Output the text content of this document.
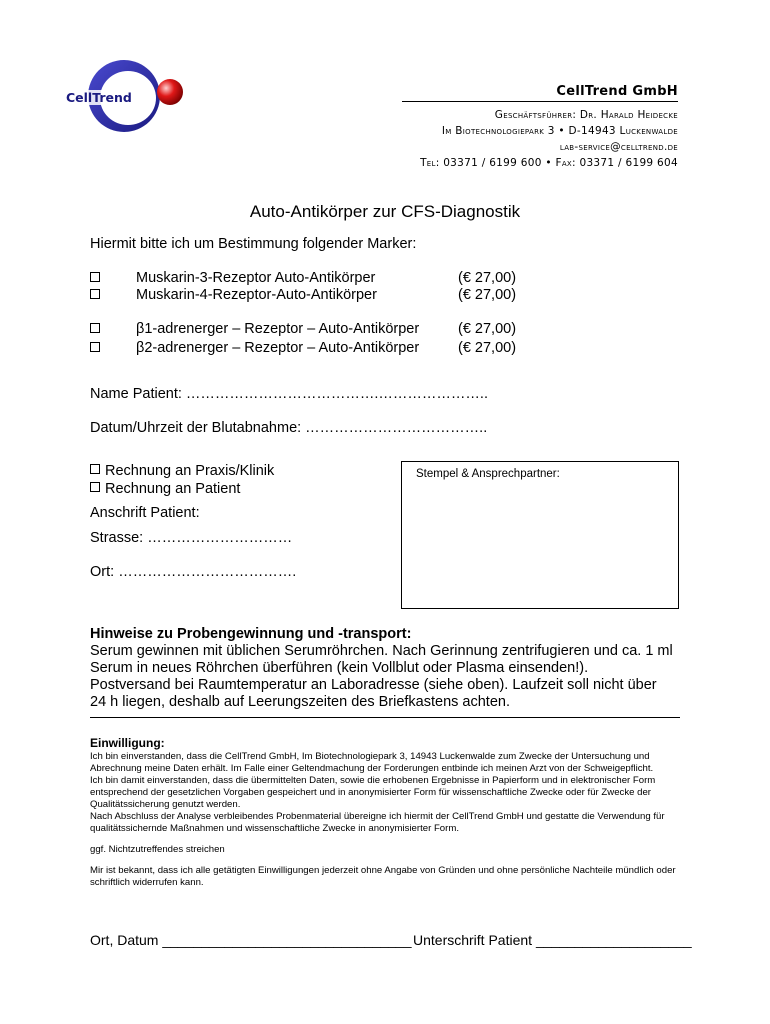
CellTrend	CellTrend GmbH
Geschäftsführer: Dr. Harald Heidecke
Im Biotechnologiepark 3 • D-14943 Luckenwalde
lab-service@celltrend.de
Tel: 03371 / 6199 600 • Fax: 03371 / 6199 604
Auto-Antikörper zur CFS-Diagnostik
Hiermit bitte ich um Bestimmung folgender Marker:
Muskarin-3-Rezeptor Auto-Antikörper	(€ 27,00)
Muskarin-4-Rezeptor-Auto-Antikörper	(€ 27,00)
β1-adrenerger – Rezeptor – Auto-Antikörper	(€ 27,00)
β2-adrenerger – Rezeptor – Auto-Antikörper	(€ 27,00)
Name Patient: ………………………………….…………………..
Datum/Uhrzeit der Blutabnahme: ………………………………..
Rechnung an Praxis/Klinik
Rechnung an Patient
Anschrift Patient:
Strasse: …………………………
Ort: ……………………………….
Stempel & Ansprechpartner:
Hinweise zu Probengewinnung und -transport:
Serum gewinnen mit üblichen Serumröhrchen. Nach Gerinnung zentrifugieren und ca. 1 ml
Serum in neues Röhrchen überführen (kein Vollblut oder Plasma einsenden!).
Postversand bei Raumtemperatur an Laboradresse (siehe oben). Laufzeit soll nicht über
24 h liegen, deshalb auf Leerungszeiten des Briefkastens achten.
Einwilligung:

Ich bin einverstanden, dass die CellTrend GmbH, Im Biotechnologiepark 3, 14943 Luckenwalde zum Zwecke der Untersuchung und Abrechnung meine Daten erhält. Im Falle einer Geltendmachung der Forderungen entbinde ich meinen Arzt von der Schweigepflicht.

Ich bin damit einverstanden, dass die übermittelten Daten, sowie die erhobenen Ergebnisse in Papierform und in elektronischer Form entsprechend der gesetzlichen Vorgaben gespeichert und in anonymisierter Form für wissenschaftliche Zwecke oder für Zwecke der Qualitätssicherung genutzt werden.

Nach Abschluss der Analyse verbleibendes Probenmaterial übereigne ich hiermit der CellTrend GmbH und gestatte die Verwendung für qualitätssichernde Maßnahmen und wissenschaftliche Zwecke in anonymisierter Form.

ggf. Nichtzutreffendes streichen

Mir ist bekannt, dass ich alle getätigten Einwilligungen jederzeit ohne Angabe von Gründen und ohne persönliche Nachteile mündlich oder schriftlich widerrufen kann.

Ort, Datum ________________________________ Unterschrift Patient ____________________
